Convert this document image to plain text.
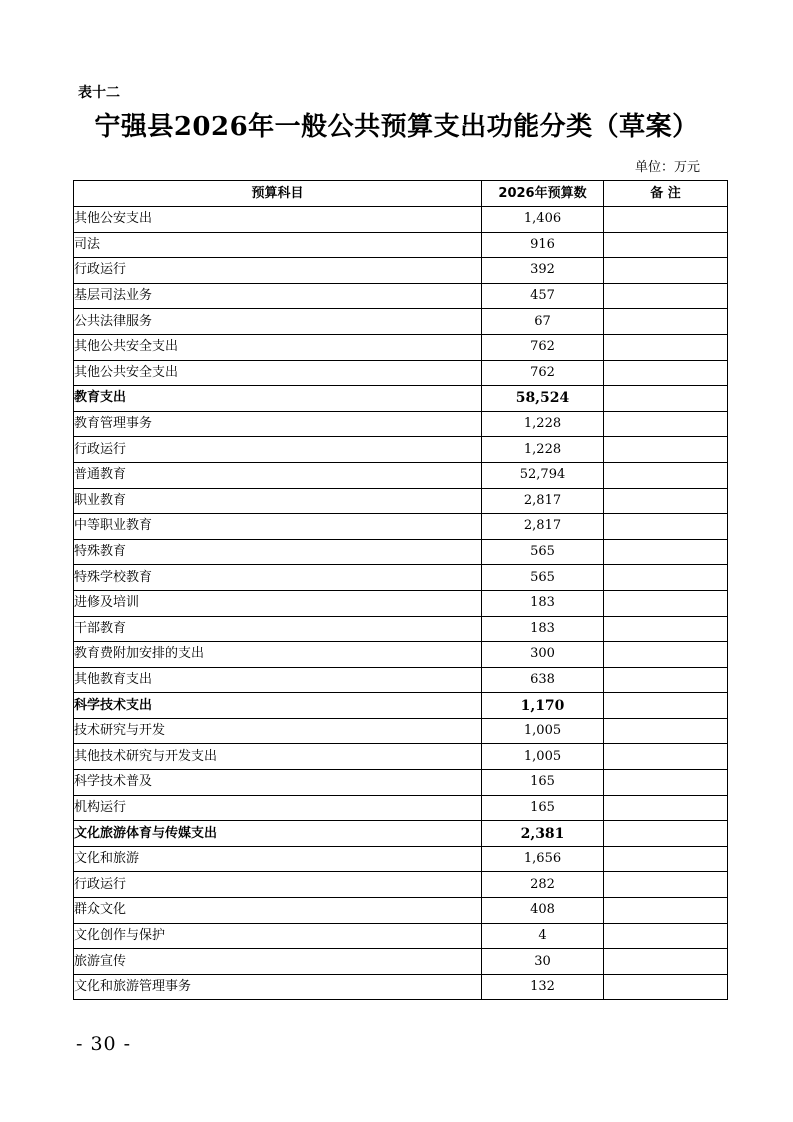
表十二
宁强县2026年一般公共预算支出功能分类（草案）
单位：万元
预算科目	2026年预算数	备 注
其他公安支出	1,406	
司法	916	
行政运行	392	
基层司法业务	457	
公共法律服务	67	
其他公共安全支出	762	
其他公共安全支出	762	
教育支出	58,524	
教育管理事务	1,228	
行政运行	1,228	
普通教育	52,794	
职业教育	2,817	
中等职业教育	2,817	
特殊教育	565	
特殊学校教育	565	
进修及培训	183	
干部教育	183	
教育费附加安排的支出	300	
其他教育支出	638	
科学技术支出	1,170	
技术研究与开发	1,005	
其他技术研究与开发支出	1,005	
科学技术普及	165	
机构运行	165	
文化旅游体育与传媒支出	2,381	
文化和旅游	1,656	
行政运行	282	
群众文化	408	
文化创作与保护	4	
旅游宣传	30	
文化和旅游管理事务	132	
- 30 -
